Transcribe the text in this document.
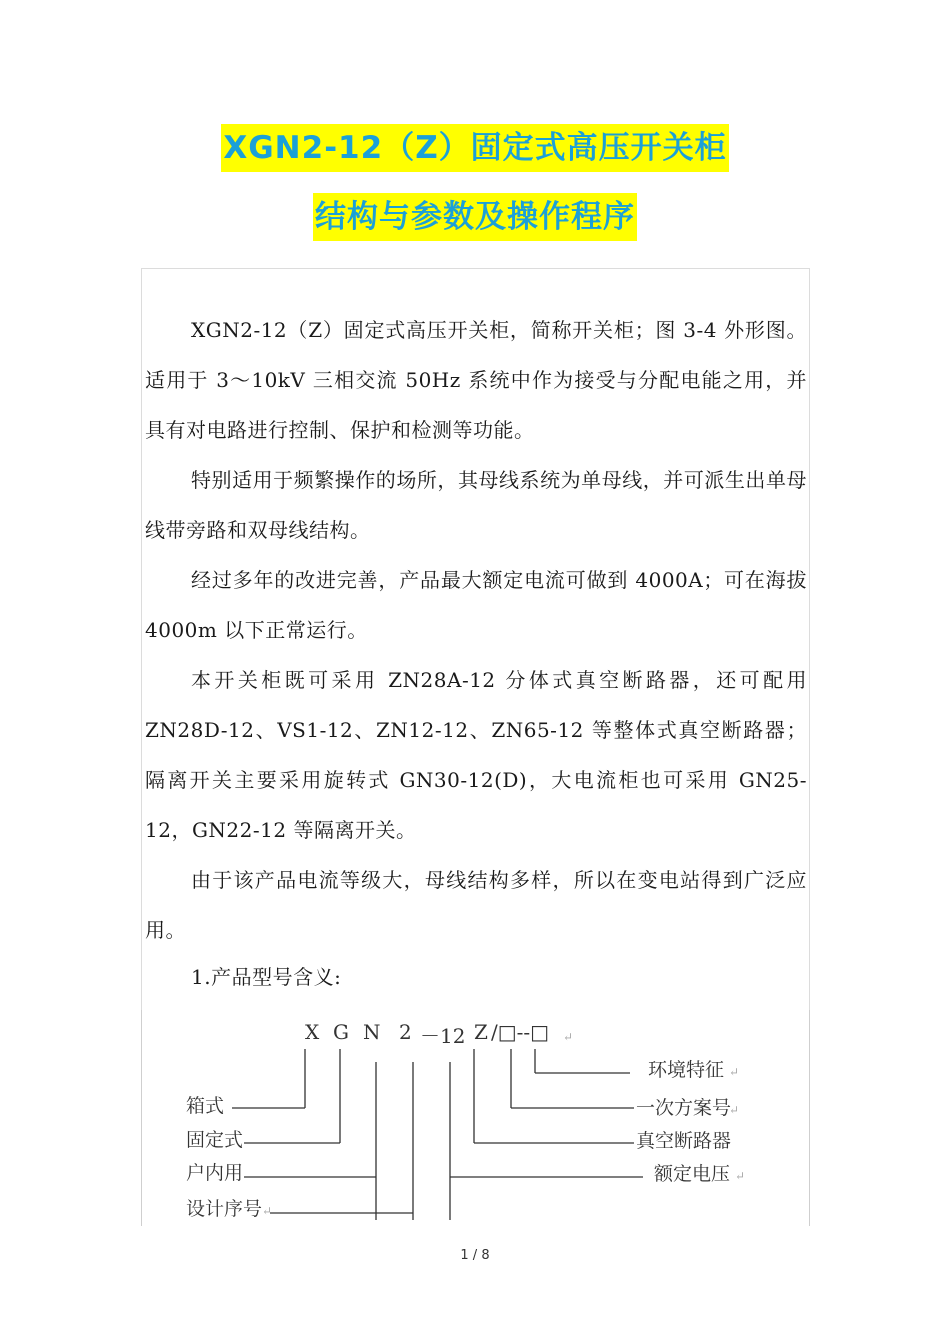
XGN2-12（Z）固定式高压开关柜
结构与参数及操作程序

XGN2-12（Z）固定式高压开关柜，简称开关柜；图 3-4 外形图。适用于 3～10kV 三相交流 50Hz 系统中作为接受与分配电能之用，并具有对电路进行控制、保护和检测等功能。

特别适用于频繁操作的场所，其母线系统为单母线，并可派生出单母线带旁路和双母线结构。

经过多年的改进完善，产品最大额定电流可做到 4000A；可在海拔 4000m 以下正常运行。

本开关柜既可采用 ZN28A-12 分体式真空断路器，还可配用 ZN28D-12、VS1-12、ZN12-12、ZN65-12 等整体式真空断路器；隔离开关主要采用旋转式 GN30-12(D)，大电流柜也可采用 GN25-12，GN22-12 等隔离开关。

由于该产品电流等级大，母线结构多样，所以在变电站得到广泛应用。

1.产品型号含义:

X G N 2 －12 Z /□--□ ↵
箱式
固定式
户内用
设计序号 ↵
环境特征 ↵
一次方案号
↵
真空断路器
额定电压 ↵
1 / 8
